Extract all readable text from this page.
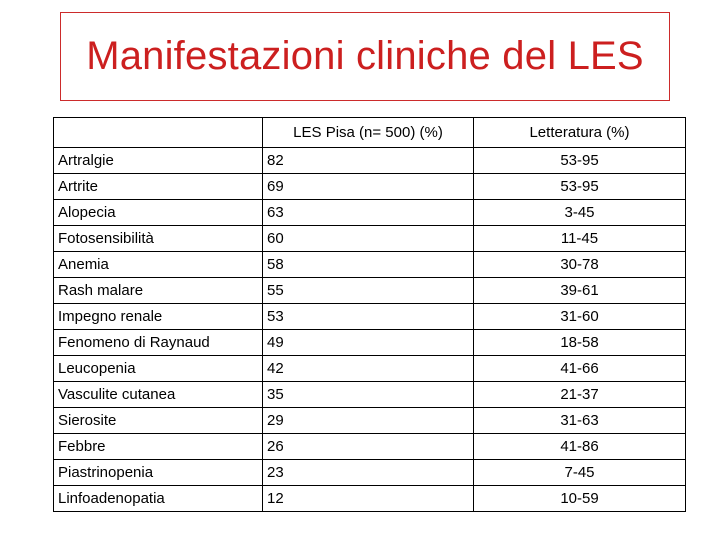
Manifestazioni cliniche del LES
	LES Pisa (n= 500) (%)	Letteratura (%)
Artralgie	82	53-95
Artrite	69	53-95
Alopecia	63	3-45
Fotosensibilità	60	11-45
Anemia	58	30-78
Rash malare	55	39-61
Impegno renale	53	31-60
Fenomeno di Raynaud	49	18-58
Leucopenia	42	41-66
Vasculite cutanea	35	21-37
Sierosite	29	31-63
Febbre	26	41-86
Piastrinopenia	23	7-45
Linfoadenopatia	12	10-59
